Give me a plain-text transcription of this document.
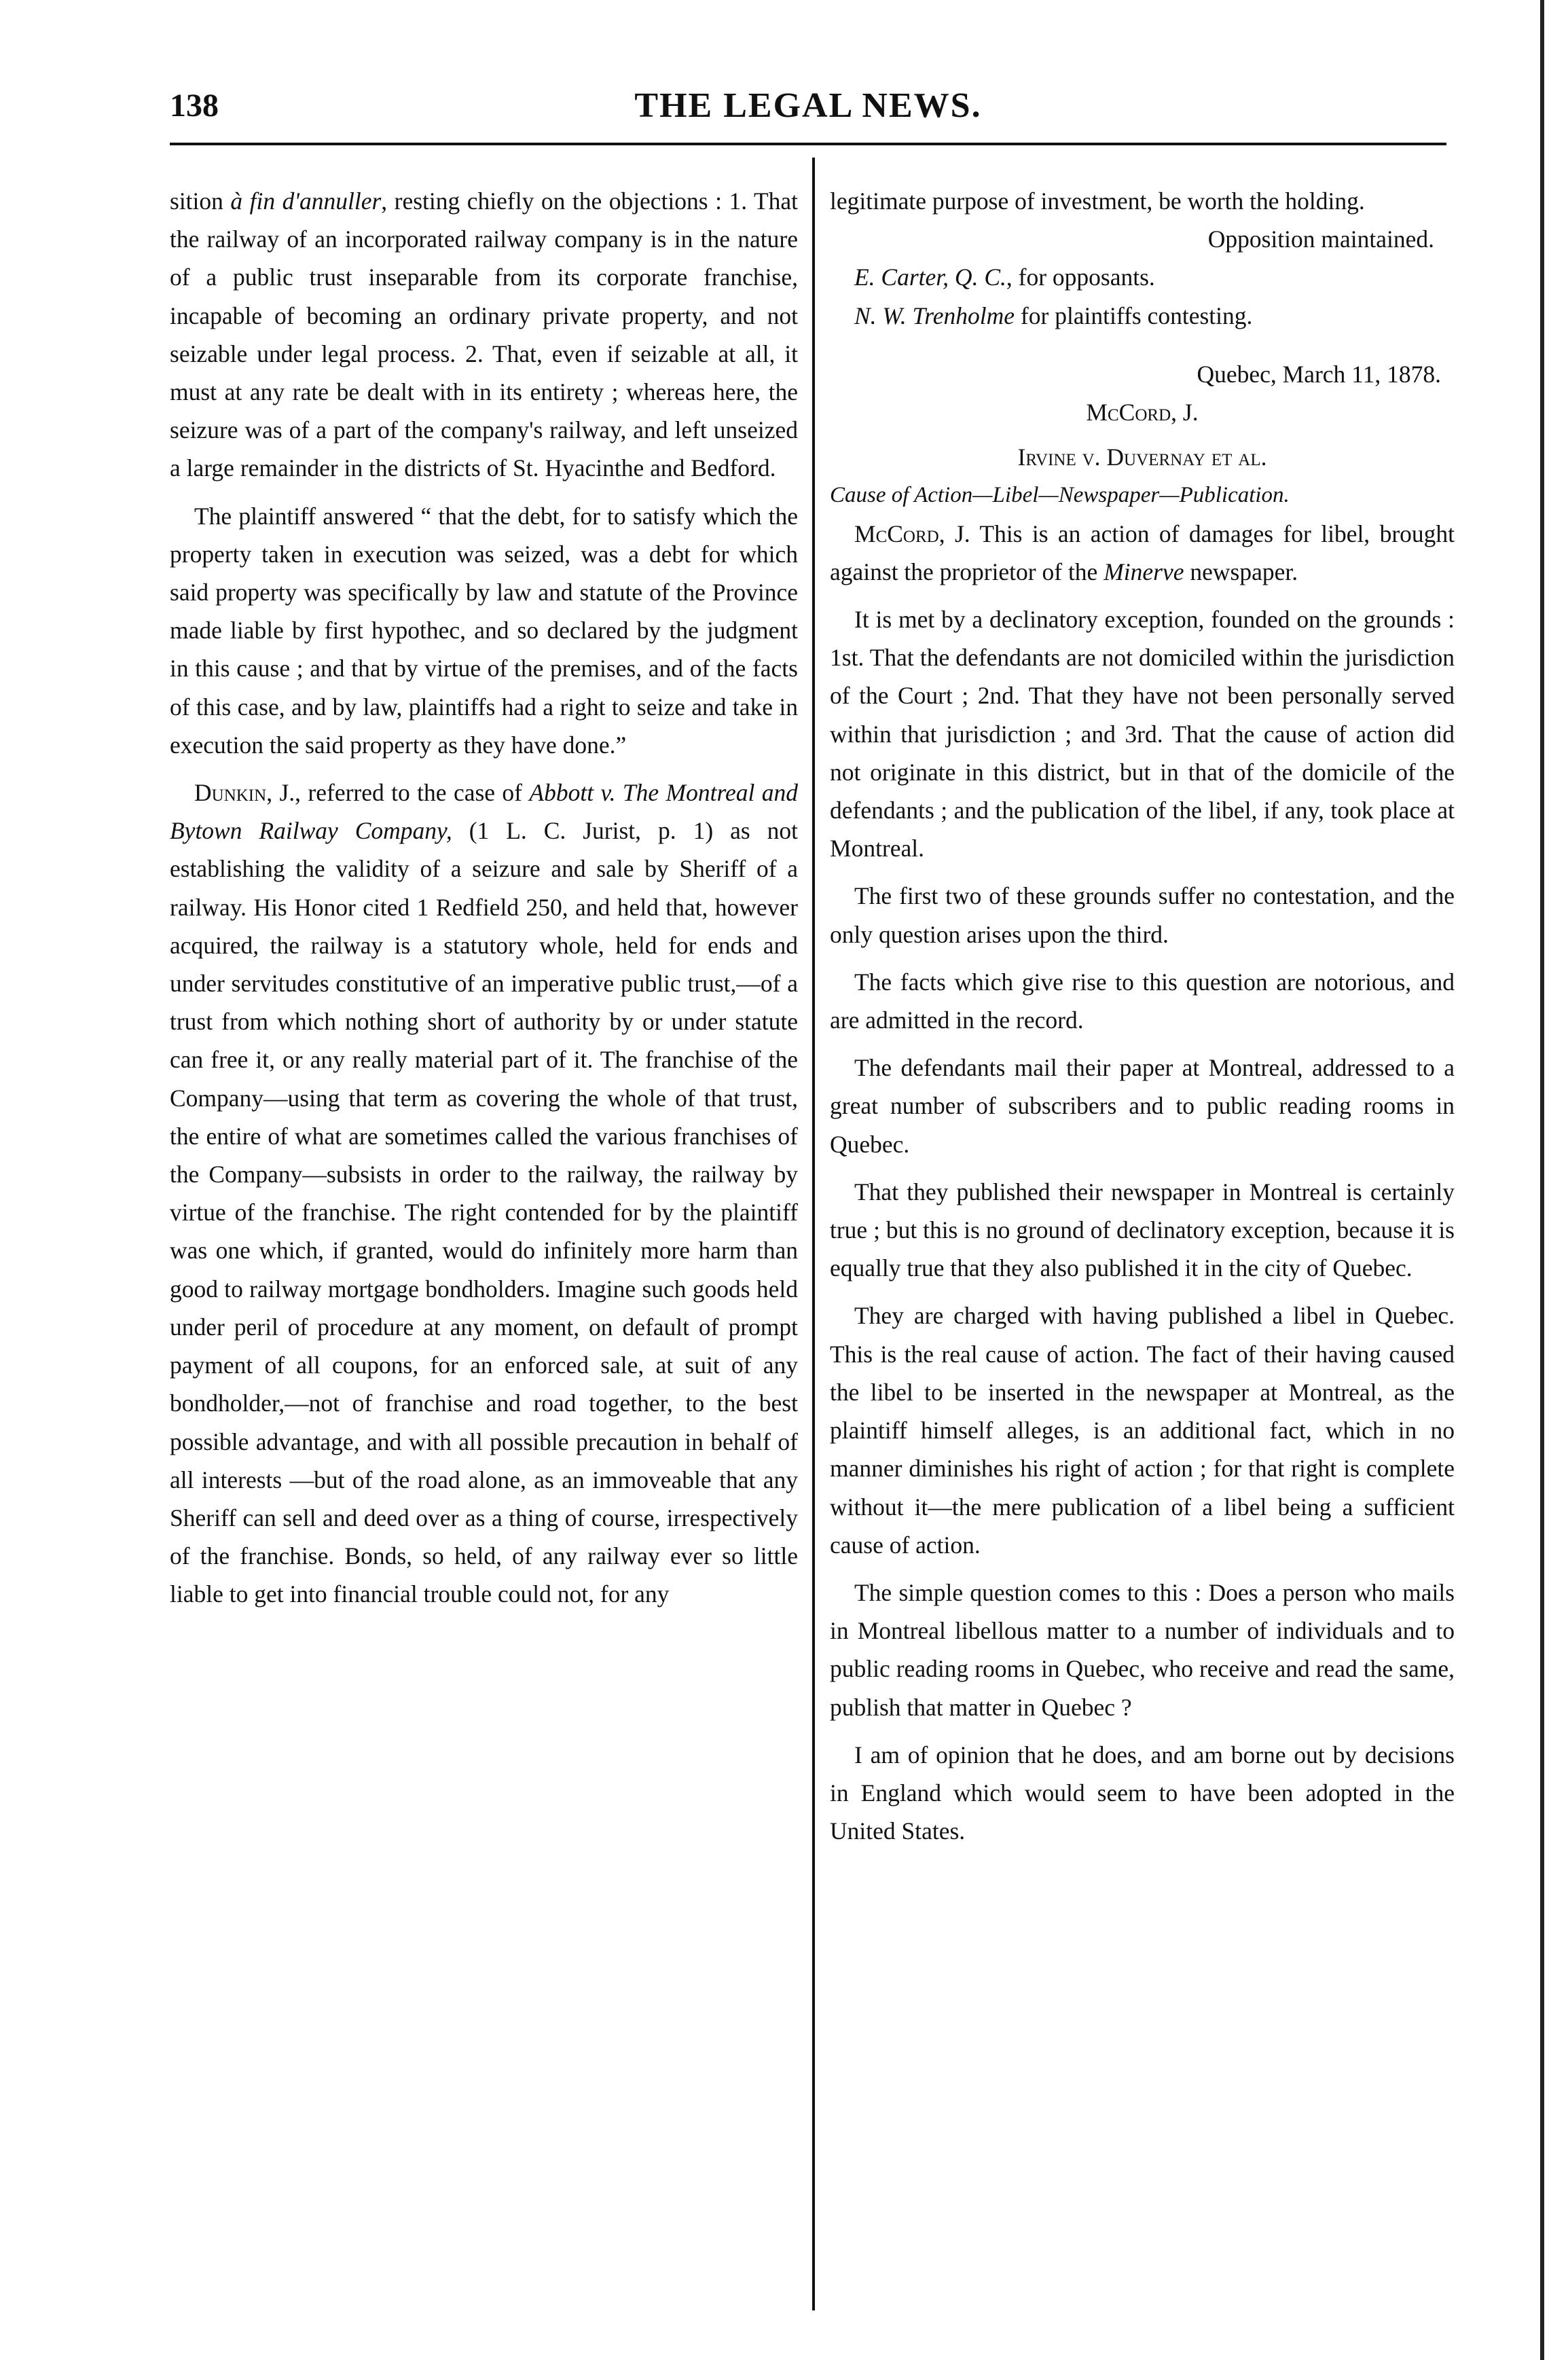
138	THE LEGAL NEWS.

sition à fin d'annuller, resting chiefly on the objections : 1. That the railway of an incorporated railway company is in the nature of a public trust inseparable from its corporate franchise, incapable of becoming an ordinary private property, and not seizable under legal process. 2. That, even if seizable at all, it must at any rate be dealt with in its entirety ; whereas here, the seizure was of a part of the company's railway, and left unseized a large remainder in the districts of St. Hyacinthe and Bedford.

The plaintiff answered “ that the debt, for to satisfy which the property taken in execution was seized, was a debt for which said property was specifically by law and statute of the Province made liable by first hypothec, and so declared by the judgment in this cause ; and that by virtue of the premises, and of the facts of this case, and by law, plaintiffs had a right to seize and take in execution the said property as they have done.”

Dunkin, J., referred to the case of Abbott v. The Montreal and Bytown Railway Company, (1 L. C. Jurist, p. 1) as not establishing the validity of a seizure and sale by Sheriff of a railway. His Honor cited 1 Redfield 250, and held that, however acquired, the railway is a statutory whole, held for ends and under servitudes constitutive of an imperative public trust,—of a trust from which nothing short of authority by or under statute can free it, or any really material part of it. The franchise of the Company—using that term as covering the whole of that trust, the entire of what are sometimes called the various franchises of the Company—subsists in order to the railway, the railway by virtue of the franchise. The right contended for by the plaintiff was one which, if granted, would do infinitely more harm than good to railway mortgage bondholders. Imagine such goods held under peril of procedure at any moment, on default of prompt payment of all coupons, for an enforced sale, at suit of any bondholder,—not of franchise and road together, to the best possible advantage, and with all possible precaution in behalf of all interests —but of the road alone, as an immoveable that any Sheriff can sell and deed over as a thing of course, irrespectively of the franchise. Bonds, so held, of any railway ever so little liable to get into financial trouble could not, for any

legitimate purpose of investment, be worth the holding.

Opposition maintained.

E. Carter, Q. C., for opposants.

N. W. Trenholme for plaintiffs contesting.

Quebec, March 11, 1878.

McCord, J.

Irvine v. Duvernay et al.

Cause of Action—Libel—Newspaper—Publication.

McCord, J. This is an action of damages for libel, brought against the proprietor of the Minerve newspaper.

It is met by a declinatory exception, founded on the grounds : 1st. That the defendants are not domiciled within the jurisdiction of the Court ; 2nd. That they have not been personally served within that jurisdiction ; and 3rd. That the cause of action did not originate in this district, but in that of the domicile of the defendants ; and the publication of the libel, if any, took place at Montreal.

The first two of these grounds suffer no contestation, and the only question arises upon the third.

The facts which give rise to this question are notorious, and are admitted in the record.

The defendants mail their paper at Montreal, addressed to a great number of subscribers and to public reading rooms in Quebec.

That they published their newspaper in Montreal is certainly true ; but this is no ground of declinatory exception, because it is equally true that they also published it in the city of Quebec.

They are charged with having published a libel in Quebec. This is the real cause of action. The fact of their having caused the libel to be inserted in the newspaper at Montreal, as the plaintiff himself alleges, is an additional fact, which in no manner diminishes his right of action ; for that right is complete without it—the mere publication of a libel being a sufficient cause of action.

The simple question comes to this : Does a person who mails in Montreal libellous matter to a number of individuals and to public reading rooms in Quebec, who receive and read the same, publish that matter in Quebec ?

I am of opinion that he does, and am borne out by decisions in England which would seem to have been adopted in the United States.
